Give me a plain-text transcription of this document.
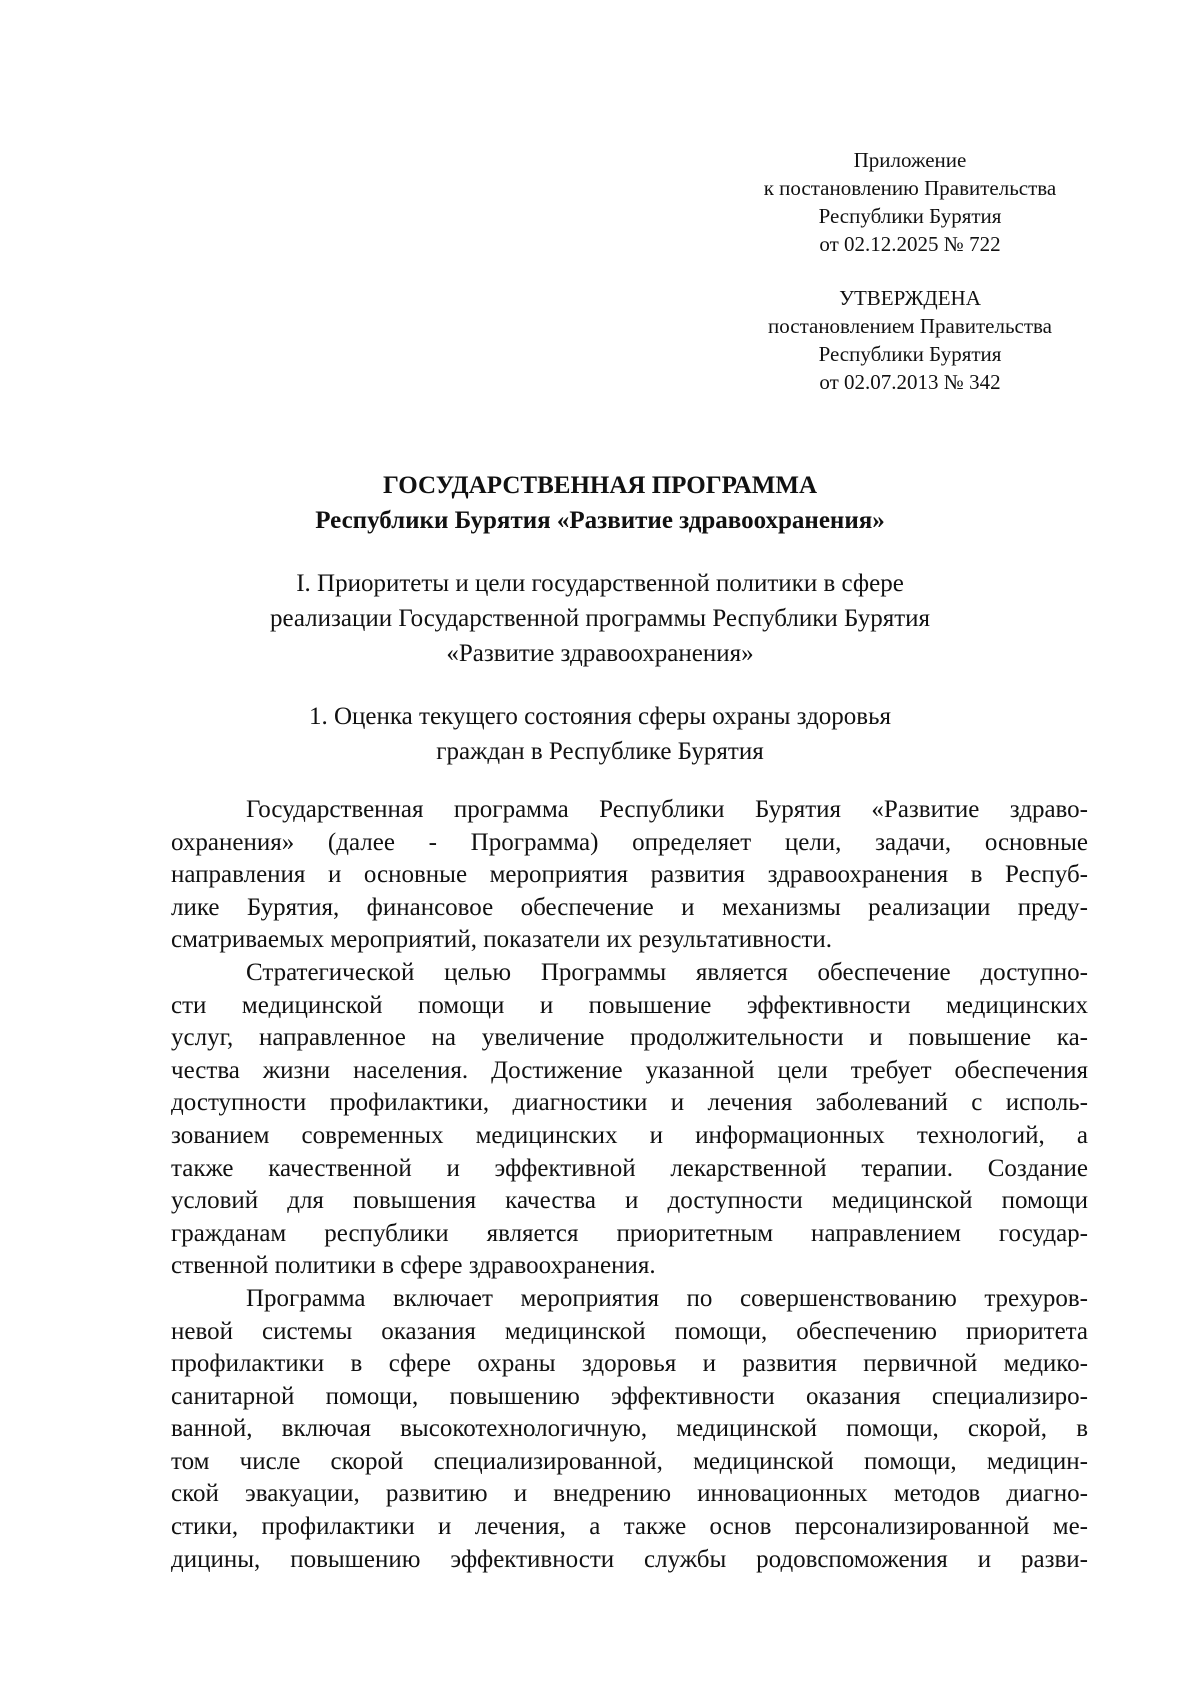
Приложение
к постановлению Правительства
Республики Бурятия
от 02.12.2025 № 722
УТВЕРЖДЕНА
постановлением Правительства
Республики Бурятия
от 02.07.2013 № 342
ГОСУДАРСТВЕННАЯ ПРОГРАММА
Республики Бурятия «Развитие здравоохранения»
I. Приоритеты и цели государственной политики в сфере
реализации Государственной программы Республики Бурятия
«Развитие здравоохранения»
1. Оценка текущего состояния сферы охраны здоровья
граждан в Республике Бурятия
Государственная программа Республики Бурятия «Развитие здраво-
охранения» (далее - Программа) определяет цели, задачи, основные
направления и основные мероприятия развития здравоохранения в Респуб-
лике Бурятия, финансовое обеспечение и механизмы реализации преду-
сматриваемых мероприятий, показатели их результативности.
Стратегической целью Программы является обеспечение доступно-
сти медицинской помощи и повышение эффективности медицинских
услуг, направленное на увеличение продолжительности и повышение ка-
чества жизни населения. Достижение указанной цели требует обеспечения
доступности профилактики, диагностики и лечения заболеваний с исполь-
зованием современных медицинских и информационных технологий, а
также качественной и эффективной лекарственной терапии. Создание
условий для повышения качества и доступности медицинской помощи
гражданам республики является приоритетным направлением государ-
ственной политики в сфере здравоохранения.
Программа включает мероприятия по совершенствованию трехуров-
невой системы оказания медицинской помощи, обеспечению приоритета
профилактики в сфере охраны здоровья и развития первичной медико-
санитарной помощи, повышению эффективности оказания специализиро-
ванной, включая высокотехнологичную, медицинской помощи, скорой, в
том числе скорой специализированной, медицинской помощи, медицин-
ской эвакуации, развитию и внедрению инновационных методов диагно-
стики, профилактики и лечения, а также основ персонализированной ме-
дицины, повышению эффективности службы родовспоможения и разви-
